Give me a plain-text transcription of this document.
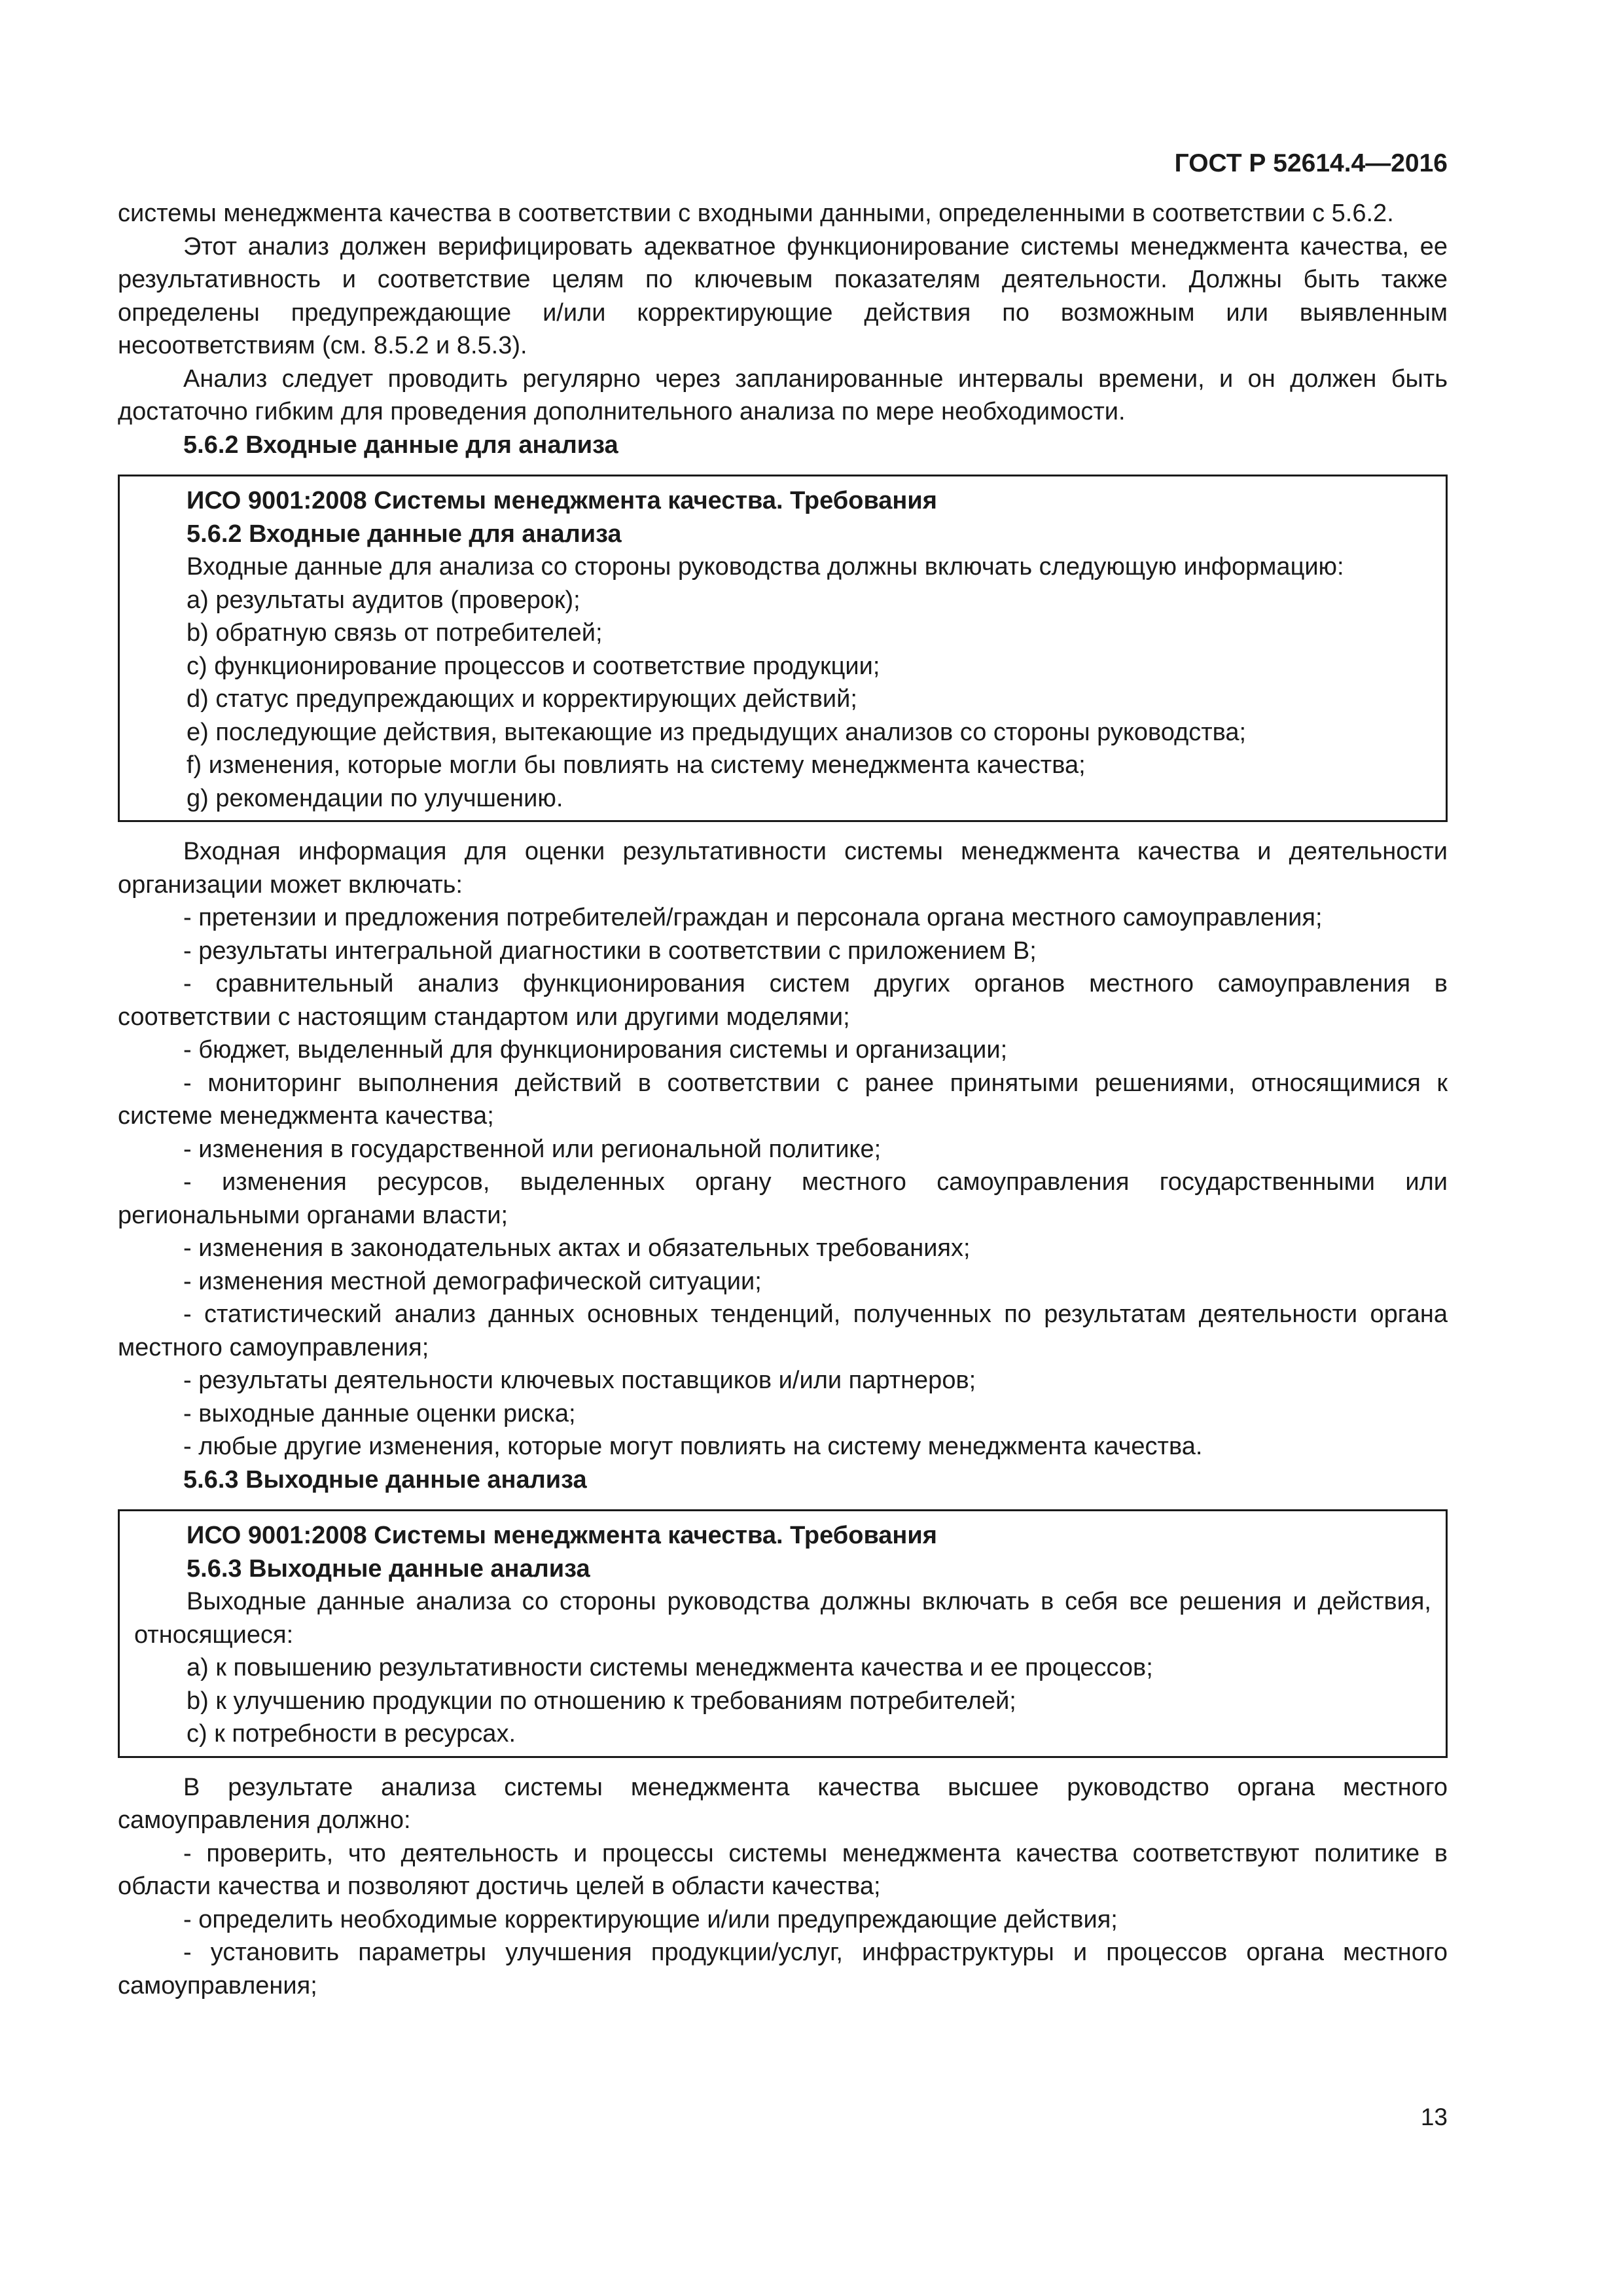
ГОСТ Р 52614.4—2016

системы менеджмента качества в соответствии с входными данными, определенными в соответствии с 5.6.2.

Этот анализ должен верифицировать адекватное функционирование системы менеджмента качества, ее результативность и соответствие целям по ключевым показателям деятельности. Должны быть также определены предупреждающие и/или корректирующие действия по возможным или выявленным несоответствиям (см. 8.5.2 и 8.5.3).

Анализ следует проводить регулярно через запланированные интервалы времени, и он должен быть достаточно гибким для проведения дополнительного анализа по мере необходимости.

5.6.2 Входные данные для анализа

ИСО 9001:2008 Системы менеджмента качества. Требования

5.6.2 Входные данные для анализа

Входные данные для анализа со стороны руководства должны включать следующую информацию:

а) результаты аудитов (проверок);

b) обратную связь от потребителей;

c) функционирование процессов и соответствие продукции;

d) статус предупреждающих и корректирующих действий;

e) последующие действия, вытекающие из предыдущих анализов со стороны руководства;

f) изменения, которые могли бы повлиять на систему менеджмента качества;

g) рекомендации по улучшению.

Входная информация для оценки результативности системы менеджмента качества и деятельности организации может включать:

- претензии и предложения потребителей/граждан и персонала органа местного самоуправления;

- результаты интегральной диагностики в соответствии с приложением В;

- сравнительный анализ функционирования систем других органов местного самоуправления в соответствии с настоящим стандартом или другими моделями;

- бюджет, выделенный для функционирования системы и организации;

- мониторинг выполнения действий в соответствии с ранее принятыми решениями, относящимися к системе менеджмента качества;

- изменения в государственной или региональной политике;

- изменения ресурсов, выделенных органу местного самоуправления государственными или региональными органами власти;

- изменения в законодательных актах и обязательных требованиях;

- изменения местной демографической ситуации;

- статистический анализ данных основных тенденций, полученных по результатам деятельности органа местного самоуправления;

- результаты деятельности ключевых поставщиков и/или партнеров;

- выходные данные оценки риска;

- любые другие изменения, которые могут повлиять на систему менеджмента качества.

5.6.3 Выходные данные анализа

ИСО 9001:2008 Системы менеджмента качества. Требования

5.6.3 Выходные данные анализа

Выходные данные анализа со стороны руководства должны включать в себя все решения и действия, относящиеся:

а) к повышению результативности системы менеджмента качества и ее процессов;

b) к улучшению продукции по отношению к требованиям потребителей;

c) к потребности в ресурсах.

В результате анализа системы менеджмента качества высшее руководство органа местного самоуправления должно:

- проверить, что деятельность и процессы системы менеджмента качества соответствуют политике в области качества и позволяют достичь целей в области качества;

- определить необходимые корректирующие и/или предупреждающие действия;

- установить параметры улучшения продукции/услуг, инфраструктуры и процессов органа местного самоуправления;

13
